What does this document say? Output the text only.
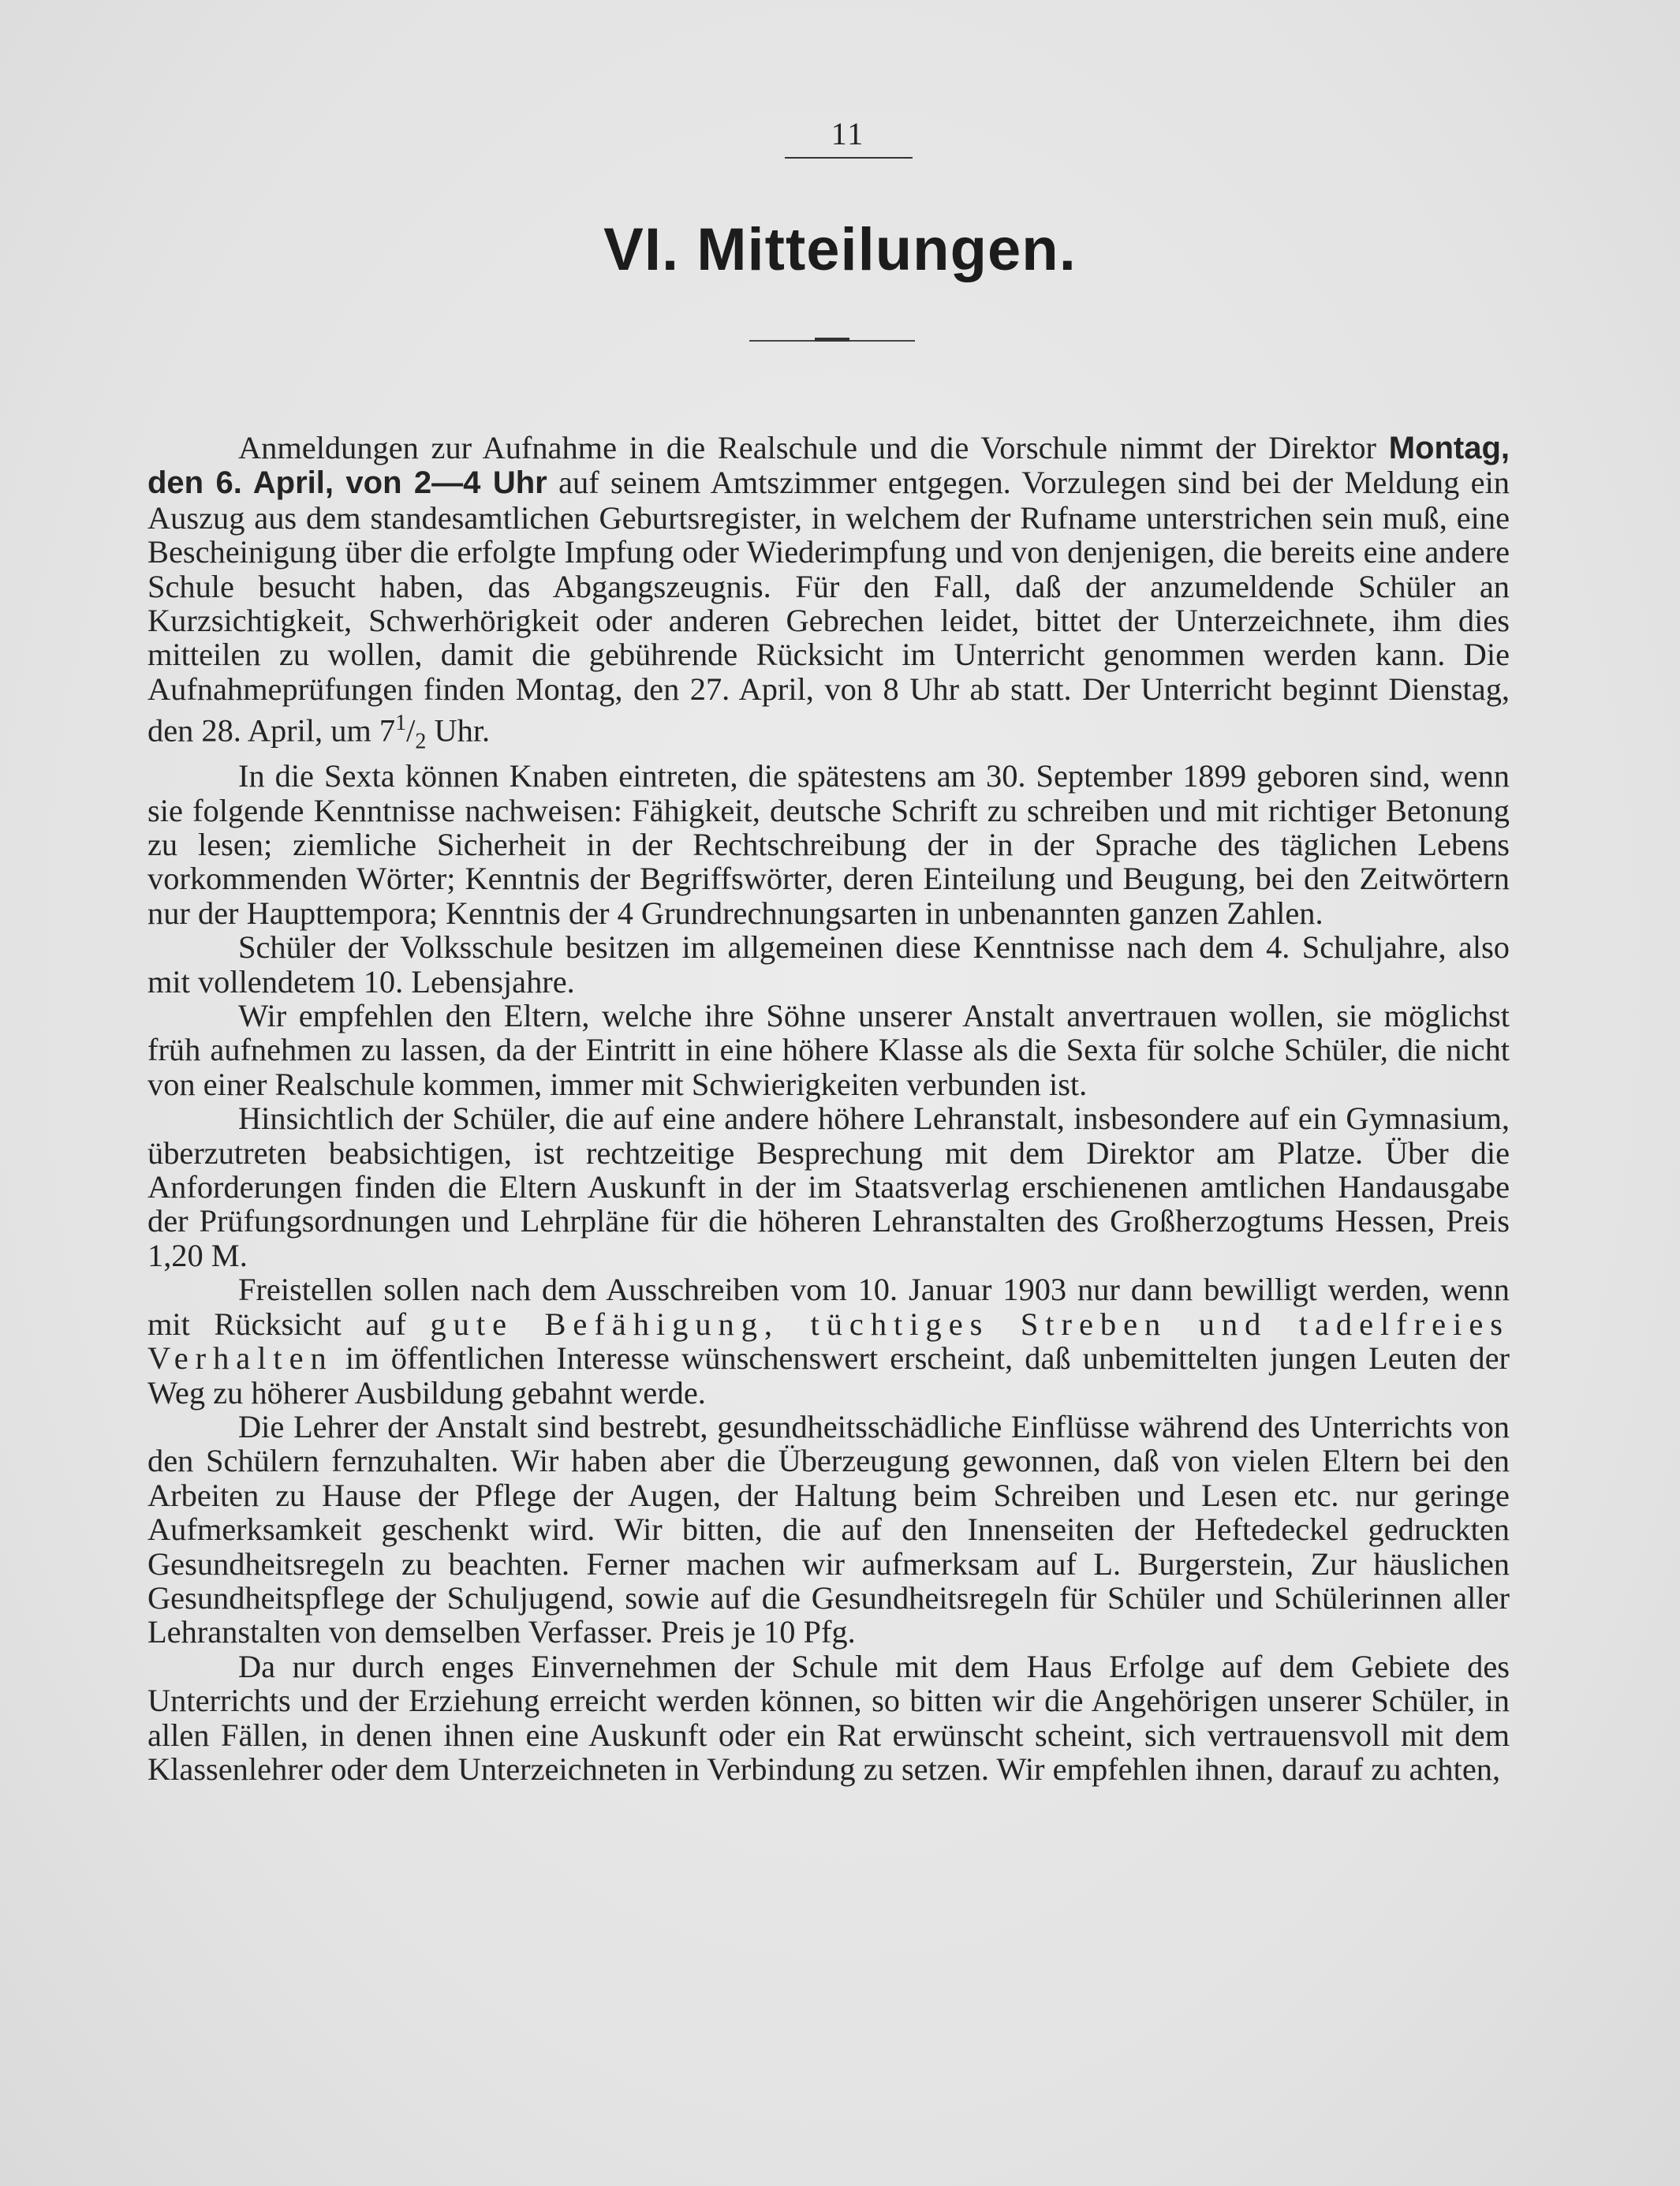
11
VI. Mitteilungen.

Anmeldungen zur Aufnahme in die Realschule und die Vorschule nimmt der Direktor Montag, den 6. April, von 2—4 Uhr auf seinem Amtszimmer entgegen. Vorzulegen sind bei der Meldung ein Auszug aus dem standesamtlichen Geburtsregister, in welchem der Rufname unterstrichen sein muß, eine Bescheinigung über die erfolgte Impfung oder Wiederimpfung und von denjenigen, die bereits eine andere Schule besucht haben, das Abgangszeugnis. Für den Fall, daß der anzumeldende Schüler an Kurzsichtigkeit, Schwerhörigkeit oder anderen Gebrechen leidet, bittet der Unterzeichnete, ihm dies mitteilen zu wollen, damit die gebührende Rücksicht im Unterricht genommen werden kann. Die Aufnahmeprüfungen finden Montag, den 27. April, von 8 Uhr ab statt. Der Unterricht beginnt Dienstag, den 28. April, um $7^1/_2$ Uhr.

In die Sexta können Knaben eintreten, die spätestens am 30. September 1899 geboren sind, wenn sie folgende Kenntnisse nachweisen: Fähigkeit, deutsche Schrift zu schreiben und mit richtiger Betonung zu lesen; ziemliche Sicherheit in der Rechtschreibung der in der Sprache des täglichen Lebens vorkommenden Wörter; Kenntnis der Begriffswörter, deren Einteilung und Beugung, bei den Zeitwörtern nur der Haupttempora; Kenntnis der 4 Grundrechnungsarten in unbenannten ganzen Zahlen.

Schüler der Volksschule besitzen im allgemeinen diese Kenntnisse nach dem 4. Schuljahre, also mit vollendetem 10. Lebensjahre.

Wir empfehlen den Eltern, welche ihre Söhne unserer Anstalt anvertrauen wollen, sie möglichst früh aufnehmen zu lassen, da der Eintritt in eine höhere Klasse als die Sexta für solche Schüler, die nicht von einer Realschule kommen, immer mit Schwierigkeiten verbunden ist.

Hinsichtlich der Schüler, die auf eine andere höhere Lehranstalt, insbesondere auf ein Gymnasium, überzutreten beabsichtigen, ist rechtzeitige Besprechung mit dem Direktor am Platze. Über die Anforderungen finden die Eltern Auskunft in der im Staatsverlag erschienenen amtlichen Handausgabe der Prüfungsordnungen und Lehrpläne für die höheren Lehranstalten des Großherzogtums Hessen, Preis 1,20 M.

Freistellen sollen nach dem Ausschreiben vom 10. Januar 1903 nur dann bewilligt werden, wenn mit Rücksicht auf gute Befähigung, tüchtiges Streben und tadelfreies Verhalten im öffentlichen Interesse wünschenswert erscheint, daß unbemittelten jungen Leuten der Weg zu höherer Ausbildung gebahnt werde.

Die Lehrer der Anstalt sind bestrebt, gesundheitsschädliche Einflüsse während des Unterrichts von den Schülern fernzuhalten. Wir haben aber die Überzeugung gewonnen, daß von vielen Eltern bei den Arbeiten zu Hause der Pflege der Augen, der Haltung beim Schreiben und Lesen etc. nur geringe Aufmerksamkeit geschenkt wird. Wir bitten, die auf den Innenseiten der Heftedeckel gedruckten Gesundheitsregeln zu beachten. Ferner machen wir aufmerksam auf L. Burgerstein, Zur häuslichen Gesundheitspflege der Schuljugend, sowie auf die Gesundheitsregeln für Schüler und Schülerinnen aller Lehranstalten von demselben Verfasser. Preis je 10 Pfg.

Da nur durch enges Einvernehmen der Schule mit dem Haus Erfolge auf dem Gebiete des Unterrichts und der Erziehung erreicht werden können, so bitten wir die Angehörigen unserer Schüler, in allen Fällen, in denen ihnen eine Auskunft oder ein Rat erwünscht scheint, sich vertrauensvoll mit dem Klassenlehrer oder dem Unterzeichneten in Verbindung zu setzen. Wir empfehlen ihnen, darauf zu achten,
